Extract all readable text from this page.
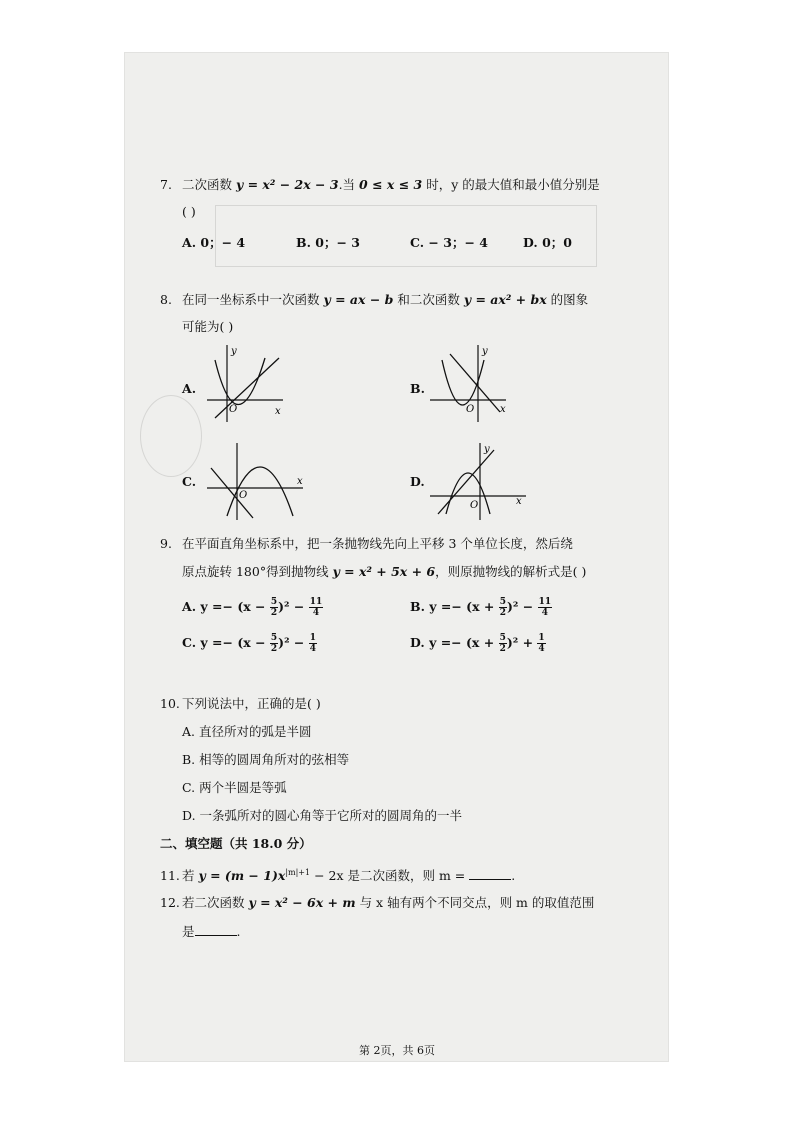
7. 二次函数 y = x² − 2x − 3.当 0 ≤ x ≤ 3 时，y 的最大值和最小值分别是
( )
A. 0；− 4	B. 0；− 3	C. − 3；− 4	D. 0；0
8. 在同一坐标系中一次函数 y = ax − b 和二次函数 y = ax² + bx 的图象
可能为( )
A.
y
x
O
B.
y
x
O
C.	x
O
D.
y
x
O
9. 在平面直角坐标系中，把一条抛物线先向上平移 3 个单位长度，然后绕
原点旋转 180°得到抛物线 y = x² + 5x + 6，则原抛物线的解析式是( )
A. $y =- (x - \frac{5}{2} )^2 - \frac{11}{4}$	B. $y =- (x + \frac{5}{2} )^2 - \frac{11}{4}$
C. $y =- (x - \frac{5}{2} )^2 - \frac{1}{4}$	D. $y =- (x + \frac{5}{2} )^2 + \frac{1}{4}$
10. 下列说法中，正确的是( )
A. 直径所对的弧是半圆
B. 相等的圆周角所对的弦相等
C. 两个半圆是等弧
D. 一条弧所对的圆心角等于它所对的圆周角的一半
二、填空题（共 18.0 分）
11. 若 $y = (m - 1)x^{|m|+1} - 2x$ 是二次函数，则 m =	.
12. 若二次函数 y = x² − 6x + m 与 x 轴有两个不同交点，则 m 的取值范围
是	.
第 2页，共 6页
